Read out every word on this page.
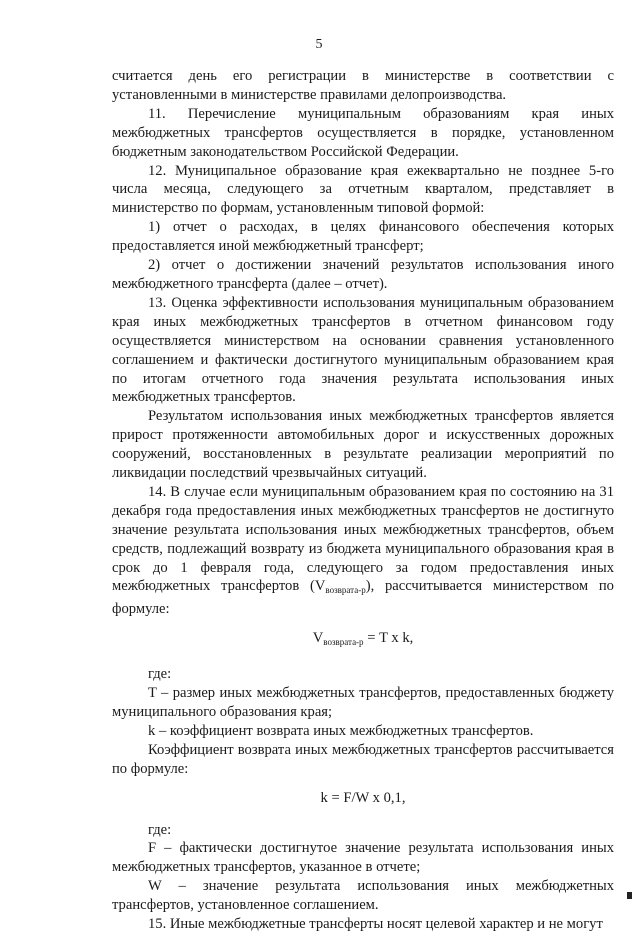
5

считается день его регистрации в министерстве в соответствии с установленными в министерстве правилами делопроизводства.

11. Перечисление муниципальным образованиям края иных межбюджетных трансфертов осуществляется в порядке, установленном бюджетным законодательством Российской Федерации.

12. Муниципальное образование края ежеквартально не позднее 5-го числа месяца, следующего за отчетным кварталом, представляет в министерство по формам, установленным типовой формой:

1) отчет о расходах, в целях финансового обеспечения которых предоставляется иной межбюджетный трансферт;

2) отчет о достижении значений результатов использования иного межбюджетного трансферта (далее – отчет).

13. Оценка эффективности использования муниципальным образованием края иных межбюджетных трансфертов в отчетном финансовом году осуществляется министерством на основании сравнения установленного соглашением и фактически достигнутого муниципальным образованием края по итогам отчетного года значения результата использования иных межбюджетных трансфертов.

Результатом использования иных межбюджетных трансфертов является прирост протяженности автомобильных дорог и искусственных дорожных сооружений, восстановленных в результате реализации мероприятий по ликвидации последствий чрезвычайных ситуаций.

14. В случае если муниципальным образованием края по состоянию на 31 декабря года предоставления иных межбюджетных трансфертов не достигнуто значение результата использования иных межбюджетных трансфертов, объем средств, подлежащий возврату из бюджета муниципального образования края в срок до 1 февраля года, следующего за годом предоставления иных межбюджетных трансфертов $(V_{возврата-р})$, рассчитывается министерством по формуле:

$V_{возврата-р} = T$ x k,

где:

T – размер иных межбюджетных трансфертов, предоставленных бюджету муниципального образования края;

k – коэффициент возврата иных межбюджетных трансфертов.

Коэффициент возврата иных межбюджетных трансфертов рассчитывается по формуле:

k = F/W x 0,1,

где:

F – фактически достигнутое значение результата использования иных межбюджетных трансфертов, указанное в отчете;

W – значение результата использования иных межбюджетных трансфертов, установленное соглашением.

15. Иные межбюджетные трансферты носят целевой характер и не могут
